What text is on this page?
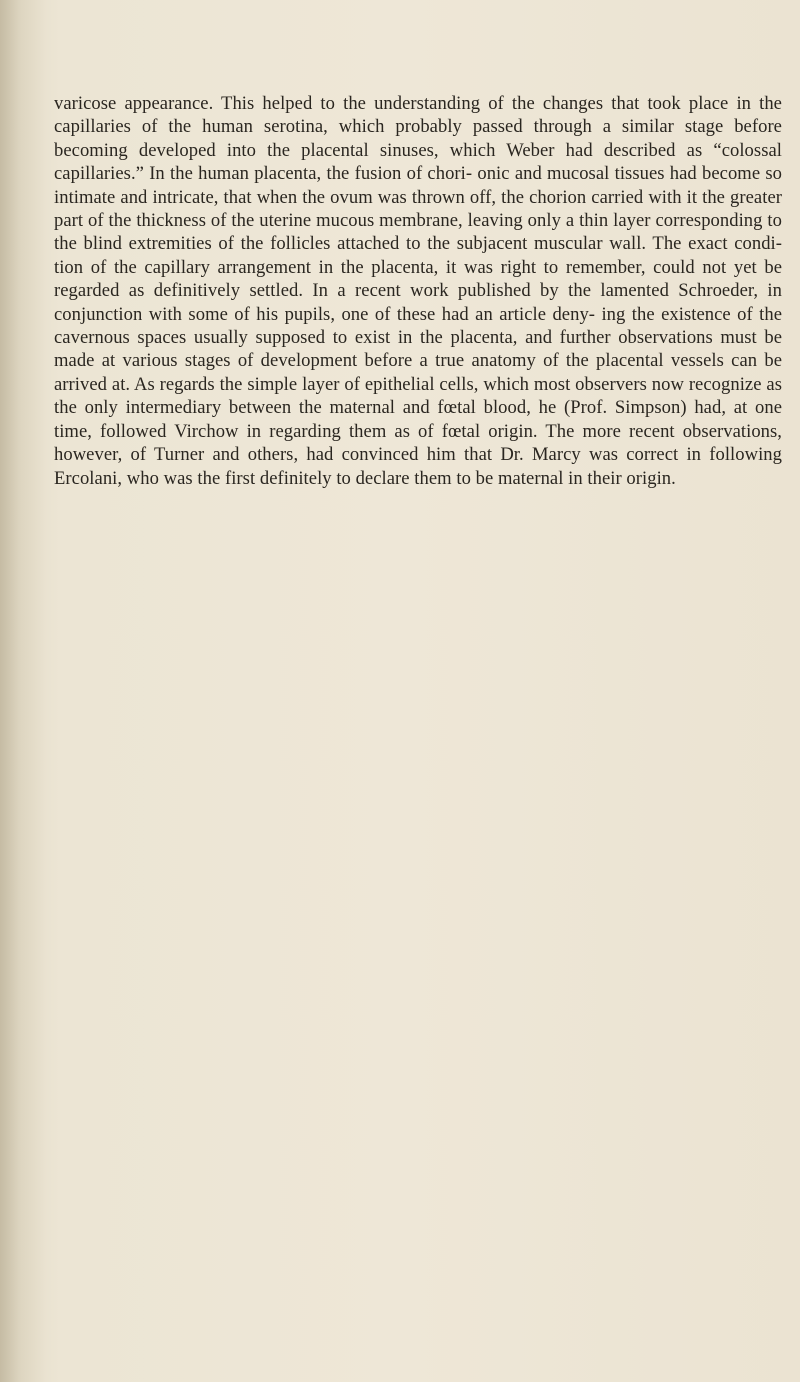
varicose appearance. This helped to the understanding of the changes that took place in the capillaries of the human serotina, which probably passed through a similar stage before becoming developed into the placental sinuses, which Weber had described as “colossal capillaries.” In the human placenta, the fusion of chori- onic and mucosal tissues had become so intimate and intricate, that when the ovum was thrown off, the chorion carried with it the greater part of the thickness of the uterine mucous membrane, leaving only a thin layer corresponding to the blind extremities of the follicles attached to the subjacent muscular wall. The exact condi- tion of the capillary arrangement in the placenta, it was right to remember, could not yet be regarded as definitively settled. In a recent work published by the lamented Schroeder, in conjunction with some of his pupils, one of these had an article deny- ing the existence of the cavernous spaces usually supposed to exist in the placenta, and further observations must be made at various stages of development before a true anatomy of the placental vessels can be arrived at. As regards the simple layer of epithelial cells, which most observers now recognize as the only intermediary between the maternal and fœtal blood, he (Prof. Simpson) had, at one time, followed Virchow in regarding them as of fœtal origin. The more recent observations, however, of Turner and others, had convinced him that Dr. Marcy was correct in following Ercolani, who was the first definitely to declare them to be maternal in their origin.
